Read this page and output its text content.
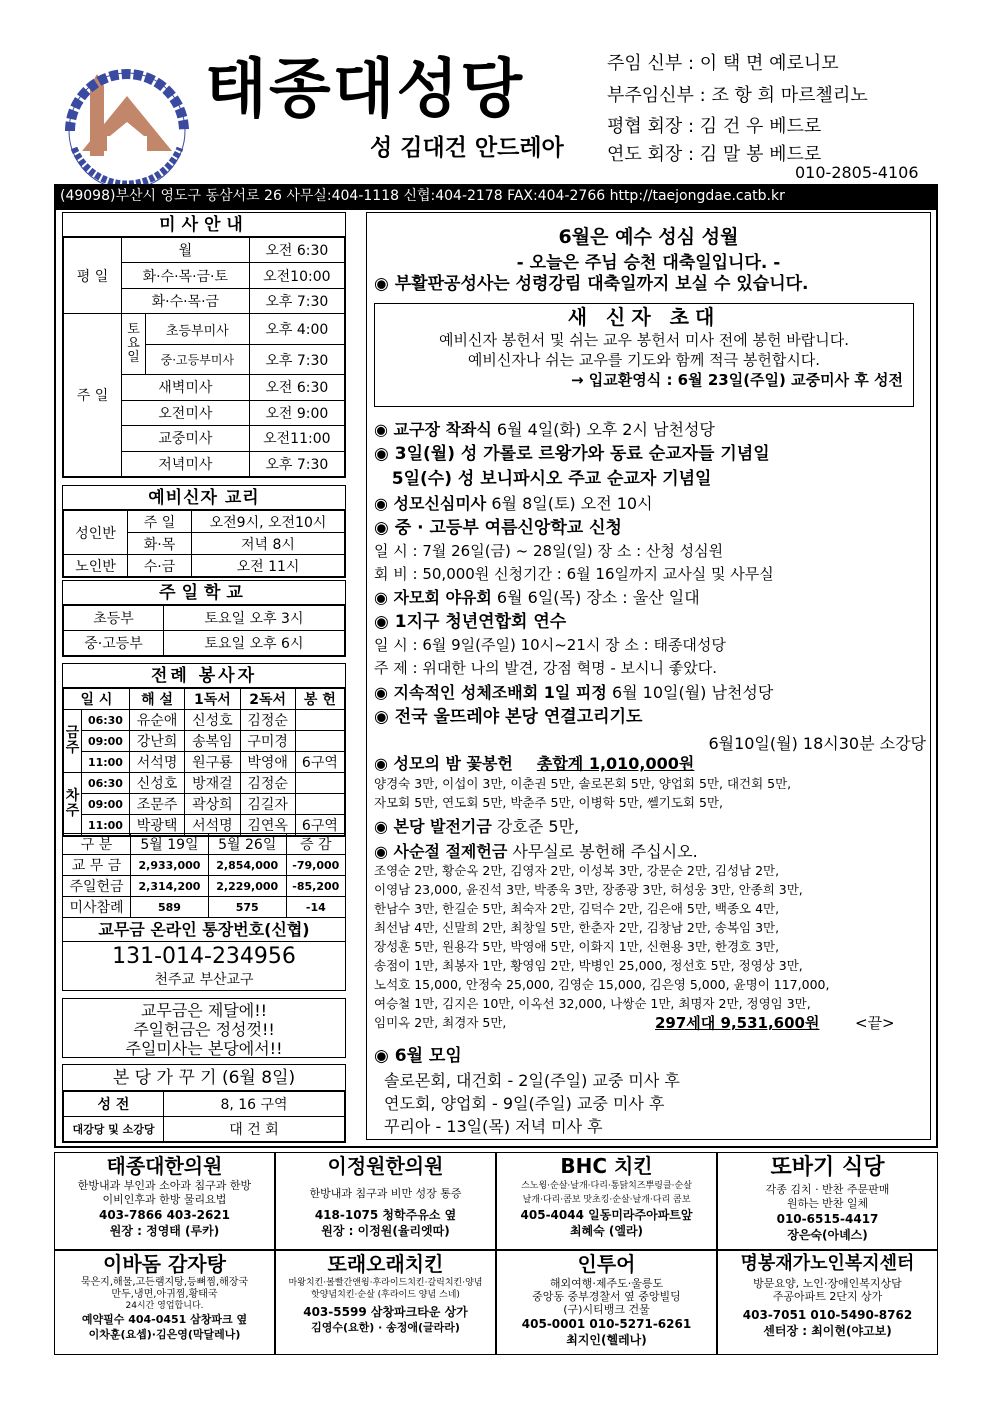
태종대성당
성 김대건 안드레아
주임 신부 : 이 택 면 예로니모
부주임신부 : 조 항 희 마르첼리노
평협 회장 : 김 건 우 베드로
연도 회장 : 김 말 봉 베드로
010-2805-4106
(49098)부산시 영도구 동삼서로 26 사무실:404-1118 신협:404-2178 FAX:404-2766 http://taejongdae.catb.kr
미사안내
평 일	월		오전 6:30
	화·수·목·금·토		오전10:00
	화·수·목·금		오후 7:30
주 일	토요일	초등부미사	오후 4:00
		중·고등부미사	오후 7:30
	새벽미사		오전 6:30
	오전미사		오전 9:00
	교중미사		오전11:00
	저녁미사		오후 7:30
예비신자 교리
성인반	주 일	오전9시, 오전10시
	화·목	저녁 8시
노인반	수·금	오전 11시
주일학교
초등부	토요일 오후 3시
중·고등부	토요일 오후 6시
전례 봉사자
일 시		해 설	1독서	2독서	봉 헌
금주	06:30	유순애	신성호	김정순	
	09:00	강난희	송복임	구미경	
	11:00	서석명	원구룡	박영애	6구역
차주	06:30	신성호	방재걸	김정순	
	09:00	조문주	곽상희	김길자	
	11:00	박광택	서석명	김연옥	6구역
구 분	5월 19일	5월 26일	증 감
교 무 금	2,933,000	2,854,000	-79,000
주일헌금	2,314,200	2,229,000	-85,200
미사참례	589	575	-14
교무금 온라인 통장번호(신협)
131-014-234956
천주교 부산교구
교무금은 제달에!!
주일헌금은 정성껏!!
주일미사는 본당에서!!
본 당 가 꾸 기 (6월 8일)
성 전	8, 16 구역
대강당 및 소강당	대 건 회
6월은 예수 성심 성월
- 오늘은 주님 승천 대축일입니다. -
◉ 부활판공성사는 성령강림 대축일까지 보실 수 있습니다.
새 신자 초대
예비신자 봉헌서 및 쉬는 교우 봉헌서 미사 전에 봉헌 바랍니다.
예비신자나 쉬는 교우를 기도와 함께 적극 봉헌합시다.
→ 입교환영식 : 6월 23일(주일) 교중미사 후 성전
◉ 교구장 착좌식 6월 4일(화) 오후 2시 남천성당
◉ 3일(월) 성 가롤로 르왕가와 동료 순교자들 기념일
5일(수) 성 보니파시오 주교 순교자 기념일
◉ 성모신심미사 6월 8일(토) 오전 10시
◉ 중 · 고등부 여름신앙학교 신청
일 시 : 7월 26일(금) ~ 28일(일) 장 소 : 산청 성심원
회 비 : 50,000원 신청기간 : 6월 16일까지 교사실 및 사무실
◉ 자모회 야유회 6월 6일(목) 장소 : 울산 일대
◉ 1지구 청년연합회 연수
일 시 : 6월 9일(주일) 10시~21시 장 소 : 태종대성당
주 제 : 위대한 나의 발견, 강점 혁명 - 보시니 좋았다.
◉ 지속적인 성체조배회 1일 피정 6월 10일(월) 남천성당
◉ 전국 울뜨레야 본당 연결고리기도
6월10일(월) 18시30분 소강당
◉ 성모의 밤 꽃봉헌 총합계 1,010,000원
양경숙 3만, 이섭이 3만, 이춘권 5만, 솔로몬회 5만, 양업회 5만, 대건회 5만,
자모회 5만, 연도회 5만, 박춘주 5만, 이병학 5만, 쎌기도회 5만,
◉ 본당 발전기금 강호준 5만,
◉ 사순절 절제헌금 사무실로 봉헌해 주십시오.
조영순 2만, 황순옥 2만, 김영자 2만, 이성복 3만, 강문순 2만, 김성남 2만,
이영남 23,000, 윤진석 3만, 박종욱 3만, 장종광 3만, 허성웅 3만, 안종희 3만,
한남수 3만, 한길순 5만, 최숙자 2만, 김덕수 2만, 김은애 5만, 백종오 4만,
최선남 4만, 신말희 2만, 최창일 5만, 한춘자 2만, 김창남 2만, 송복임 3만,
장성훈 5만, 원용각 5만, 박영애 5만, 이화지 1만, 신현용 3만, 한경호 3만,
송점이 1만, 최봉자 1만, 황영임 2만, 박병인 25,000, 정선호 5만, 정영상 3만,
노석호 15,000, 안정숙 25,000, 김영순 15,000, 김은영 5,000, 윤명이 117,000,
여승철 1만, 김지은 10만, 이옥선 32,000, 나쌍순 1만, 최명자 2만, 정영임 3만,
임미옥 2만, 최경자 5만,	297세대 9,531,600원 <끝>
◉ 6월 모임
솔로몬회, 대건회 - 2일(주일) 교중 미사 후
연도회, 양업회 - 9일(주일) 교중 미사 후
꾸리아 - 13일(목) 저녁 미사 후
태종대한의원
한방내과 부인과 소아과 침구과 한방
이비인후과 한방 물리요법
403-7866 403-2621
원장 : 정영태 (루카)
이정원한의원
한방내과 침구과 비만 성장 통증
418-1075 청학주유소 옆
원장 : 이정원(율리엣따)
BHC 치킨
스노윙·순살·날개·다리·통닭치즈뿌링클·순살
날개·다리·콤보 맛초킹·순살·날개·다리 콤보
405-4044 일동미라주아파트앞
최혜숙 (엘라)
또바기 식당
각종 김치 · 반찬 주문판매
원하는 반찬 일체
010-6515-4417
장은숙(아녜스)
이바돔 감자탕
묵은지,해물,고든램지탕,등뼈찜,해장국
만두,냉면,아귀찜,황태국
24시간 영업합니다.
예약필수 404-0451 삼창파크 옆
이차훈(요셉)·김은영(막달레나)
또래오래치킨
마왕치킨·볼빨간앤윙·후라이드치킨·갈릭치킨·양념
핫양념치킨·순살 (후라이드 양념 스네)
403-5599 삼창파크타운 상가
김영수(요한) · 송정애(글라라)
인투어
해외여행·제주도·울릉도
중앙동 중부경찰서 옆 중앙빌딩
(구)시티뱅크 건물
405-0001 010-5271-6261
최지인(헬레나)
명봉재가노인복지센터
방문요양, 노인·장애인복지상담
주공아파트 2단지 상가
403-7051 010-5490-8762
센터장 : 최이현(야고보)
